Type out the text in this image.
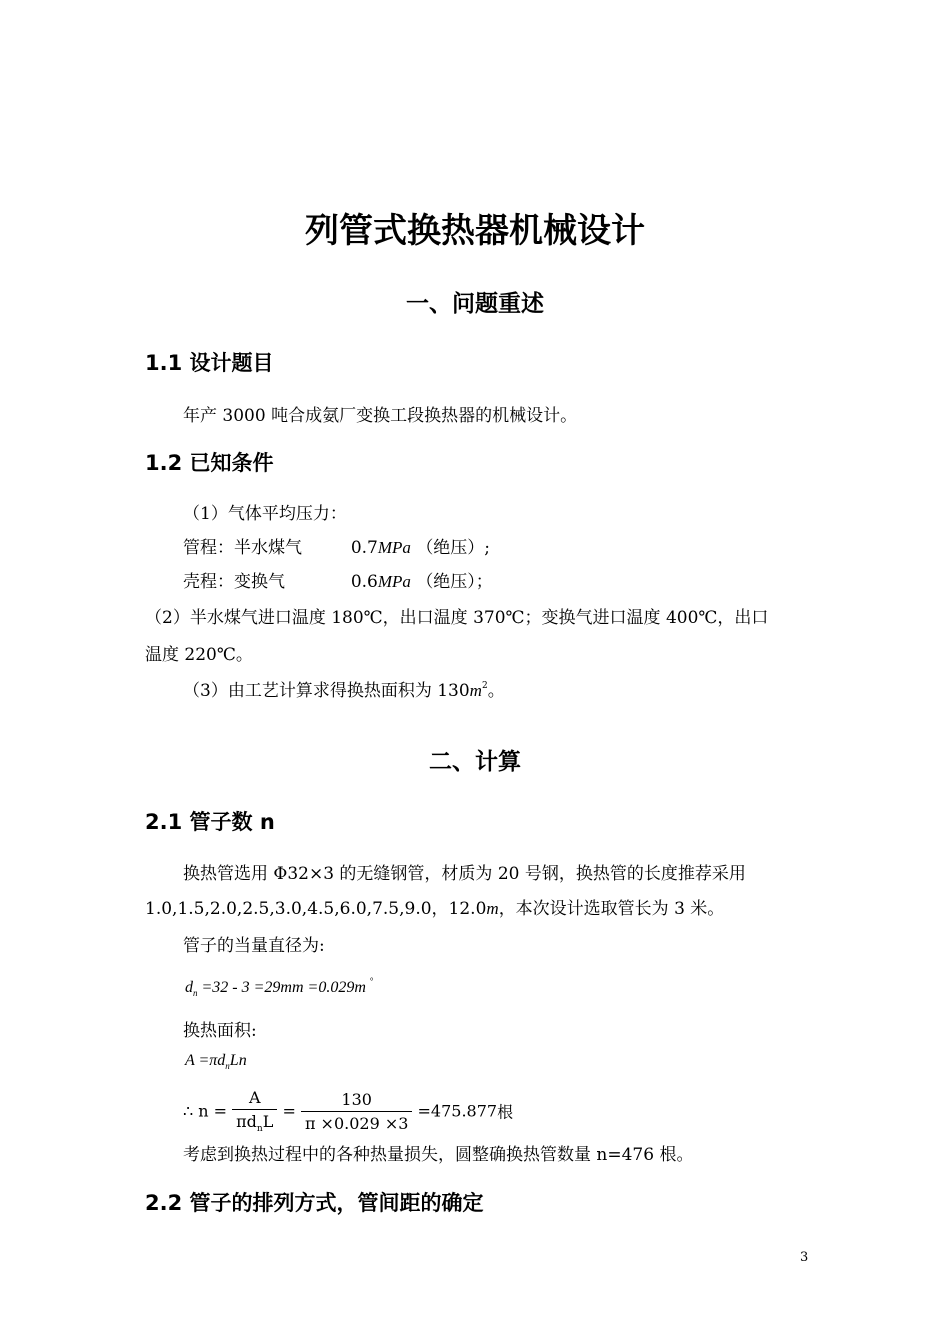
列管式换热器机械设计
一、问题重述
1.1 设计题目
年产 3000 吨合成氨厂变换工段换热器的机械设计。
1.2 已知条件
（1）气体平均压力：
管程：半水煤气	0.7MPa （绝压）;
壳程：变换气	0.6MPa （绝压）；
（2）半水煤气进口温度 180℃，出口温度 370℃；变换气进口温度 400℃，出口
温度 220℃。
（3）由工艺计算求得换热面积为 $130m^2$。
二、计算
2.1 管子数 n
换热管选用 Φ32×3 的无缝钢管，材质为 20 号钢，换热管的长度推荐采用
1.0,1.5,2.0,2.5,3.0,4.5,6.0,7.5,9.0，12.0m，本次设计选取管长为 3 米。
管子的当量直径为:
$d_n =32 - 3 =29mm =0.029m$ °
换热面积:
$A =\pi d_nLn$
∴ $n = \frac{A}{\pi d_nL} = \frac{130}{\pi \times 0.029 \times 3} =475.877$根
考虑到换热过程中的各种热量损失，圆整确换热管数量 n=476 根。
2.2 管子的排列方式，管间距的确定
3
